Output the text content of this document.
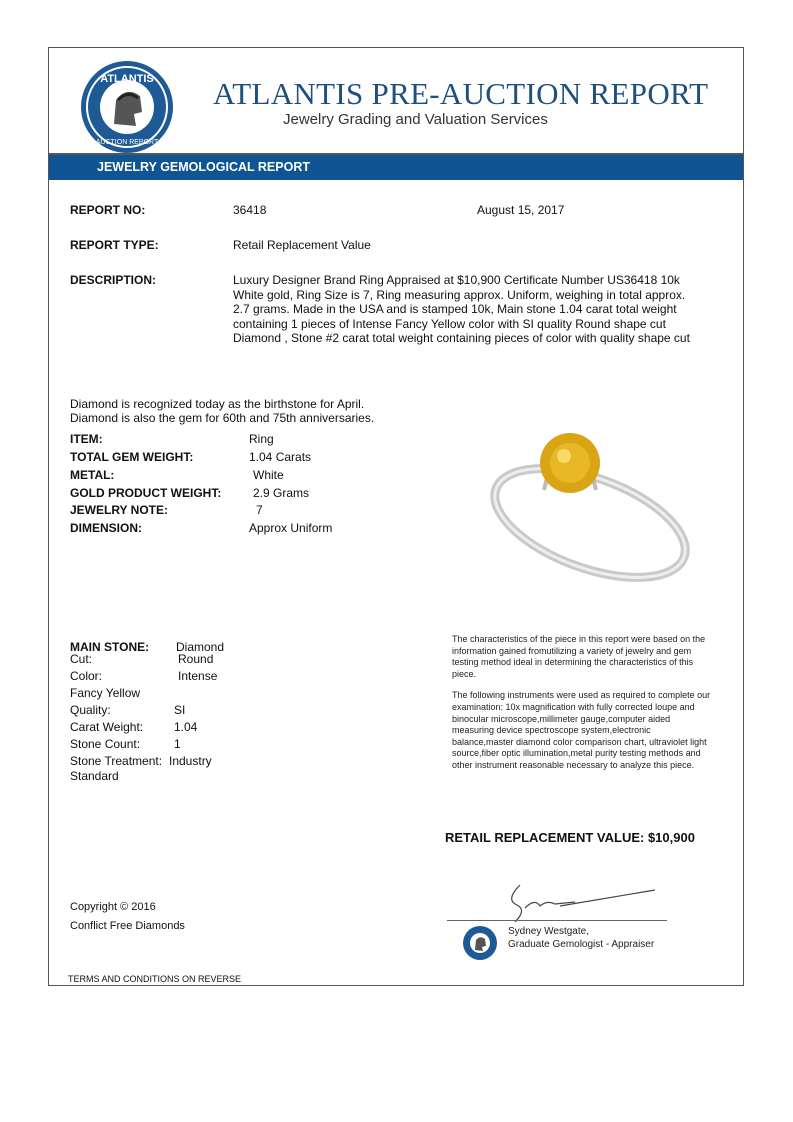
ATLANTIS
AUCTION REPORT
ATLANTIS PRE-AUCTION REPORT
Jewelry Grading and Valuation Services
JEWELRY GEMOLOGICAL REPORT
REPORT NO:	36418	August 15, 2017
REPORT TYPE:	Retail Replacement Value
DESCRIPTION:	Luxury Designer Brand Ring Appraised at $10,900 Certificate Number US36418 10k White gold, Ring Size is 7, Ring measuring approx. Uniform, weighing in total approx. 2.7 grams. Made in the USA and is stamped 10k, Main stone 1.04 carat total weight containing 1 pieces of Intense Fancy Yellow color with SI quality Round shape cut Diamond , Stone #2 carat total weight containing pieces of color with quality shape cut
Diamond is recognized today as the birthstone for April.
Diamond is also the gem for 60th and 75th anniversaries.
ITEM:	Ring
TOTAL GEM WEIGHT:	1.04 Carats
METAL:	White
GOLD PRODUCT WEIGHT:	2.9 Grams
JEWELRY NOTE:	7
DIMENSION:	Approx Uniform
MAIN STONE: Diamond
Cut:	Round
Color:	Intense
Fancy Yellow
Quality:	SI
Carat Weight:	1.04
Stone Count:	1
Stone Treatment: Industry
Standard
The characteristics of the piece in this report were based on the information gained fromutilizing a variety of jewelry and gem testing method ideal in determining the characteristics of this piece.
The following instruments were used as required to complete our examination: 10x magnification with fully corrected loupe and binocular microscope,millimeter gauge,computer aided measuring device spectroscope system,electronic balance,master diamond color comparison chart, ultraviolet light source,fiber optic illumination,metal purity testing methods and other instrument reasonable necessary to analyze this piece.
RETAIL REPLACEMENT VALUE: $10,900
Sydney Westgate,
Graduate Gemologist - Appraiser
Copyright © 2016
Conflict Free Diamonds
TERMS AND CONDITIONS ON REVERSE
